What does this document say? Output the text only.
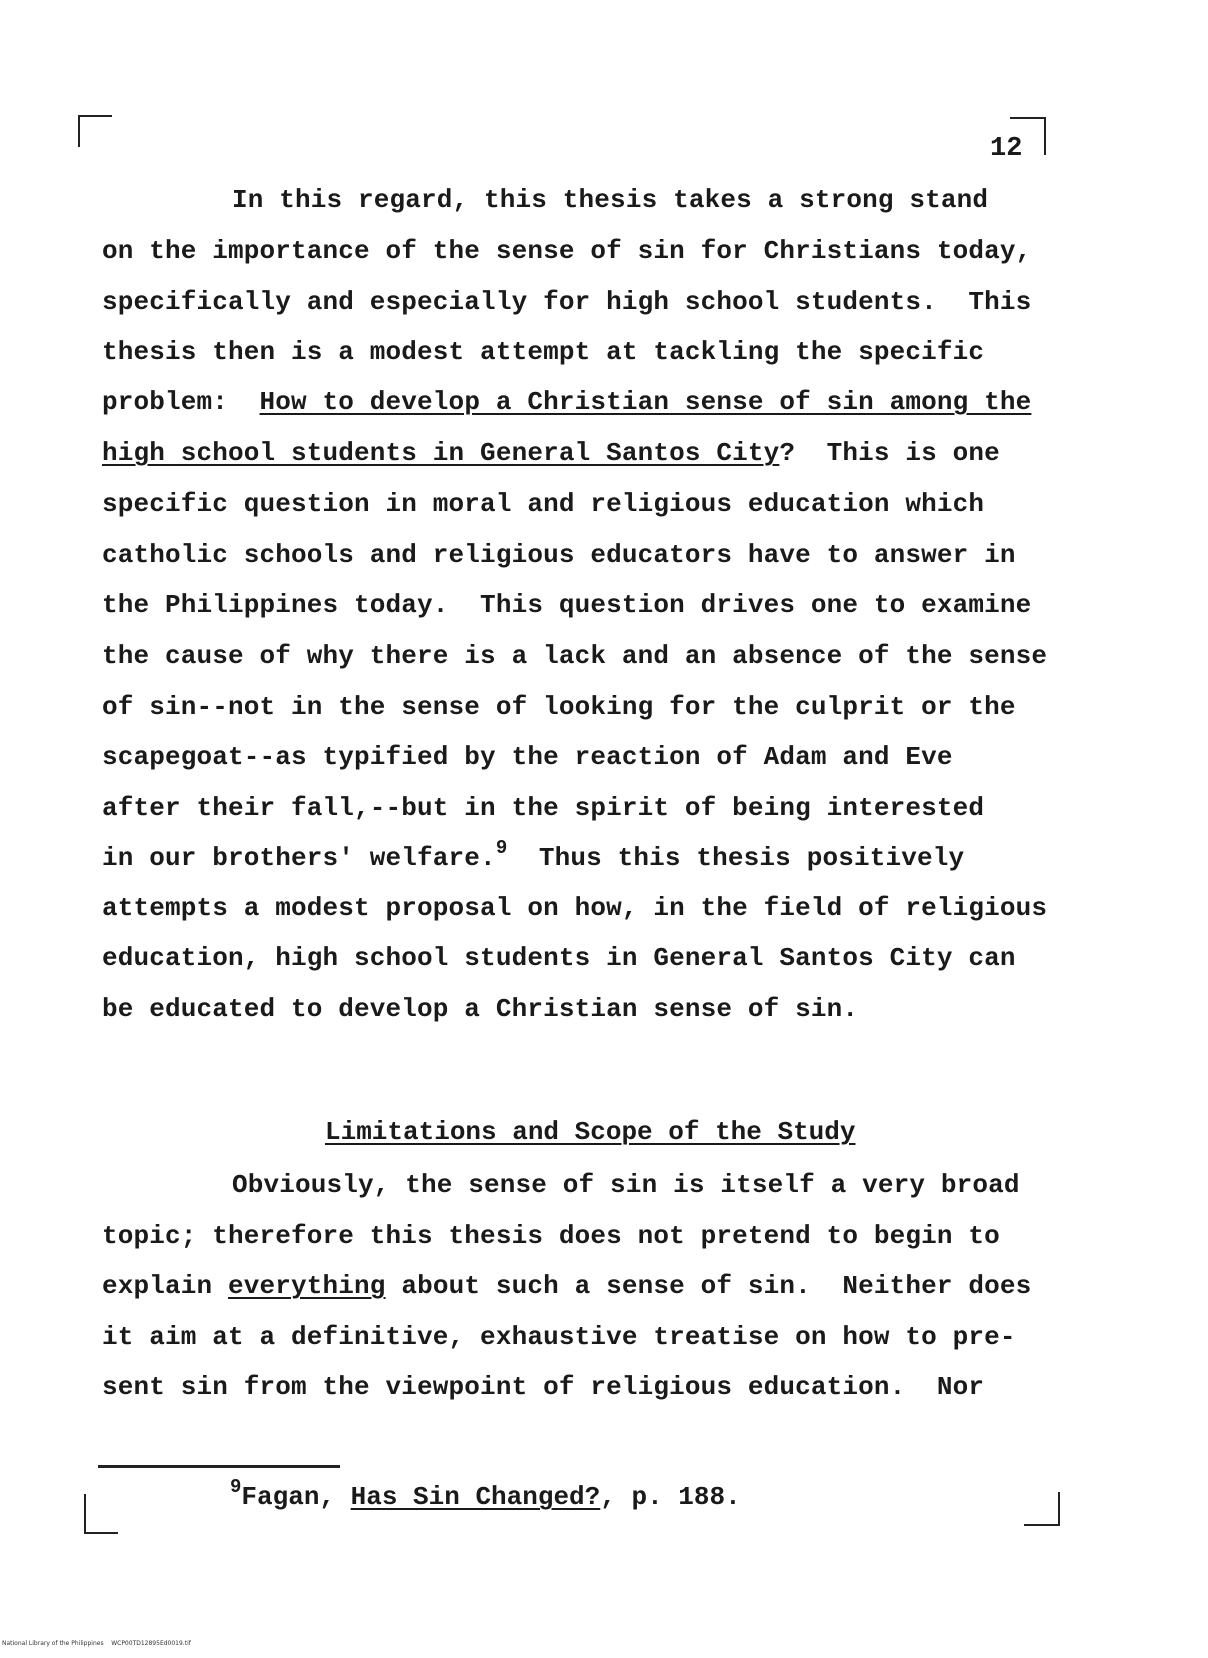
12
In this regard, this thesis takes a strong stand
on the importance of the sense of sin for Christians today,
specifically and especially for high school students.  This
thesis then is a modest attempt at tackling the specific
problem:  How to develop a Christian sense of sin among the
high school students in General Santos City?  This is one
specific question in moral and religious education which
catholic schools and religious educators have to answer in
the Philippines today.  This question drives one to examine
the cause of why there is a lack and an absence of the sense
of sin--not in the sense of looking for the culprit or the
scapegoat--as typified by the reaction of Adam and Eve
after their fall,--but in the spirit of being interested
in our brothers' welfare.$^9$  Thus this thesis positively
attempts a modest proposal on how, in the field of religious
education, high school students in General Santos City can
be educated to develop a Christian sense of sin.
Limitations and Scope of the Study
Obviously, the sense of sin is itself a very broad
topic; therefore this thesis does not pretend to begin to
explain everything about such a sense of sin.  Neither does
it aim at a definitive, exhaustive treatise on how to pre-
sent sin from the viewpoint of religious education.  Nor
$^9$Fagan, Has Sin Changed?, p. 188.
National Library of the Philippines    WCP00TD12895Ed0019.tif
